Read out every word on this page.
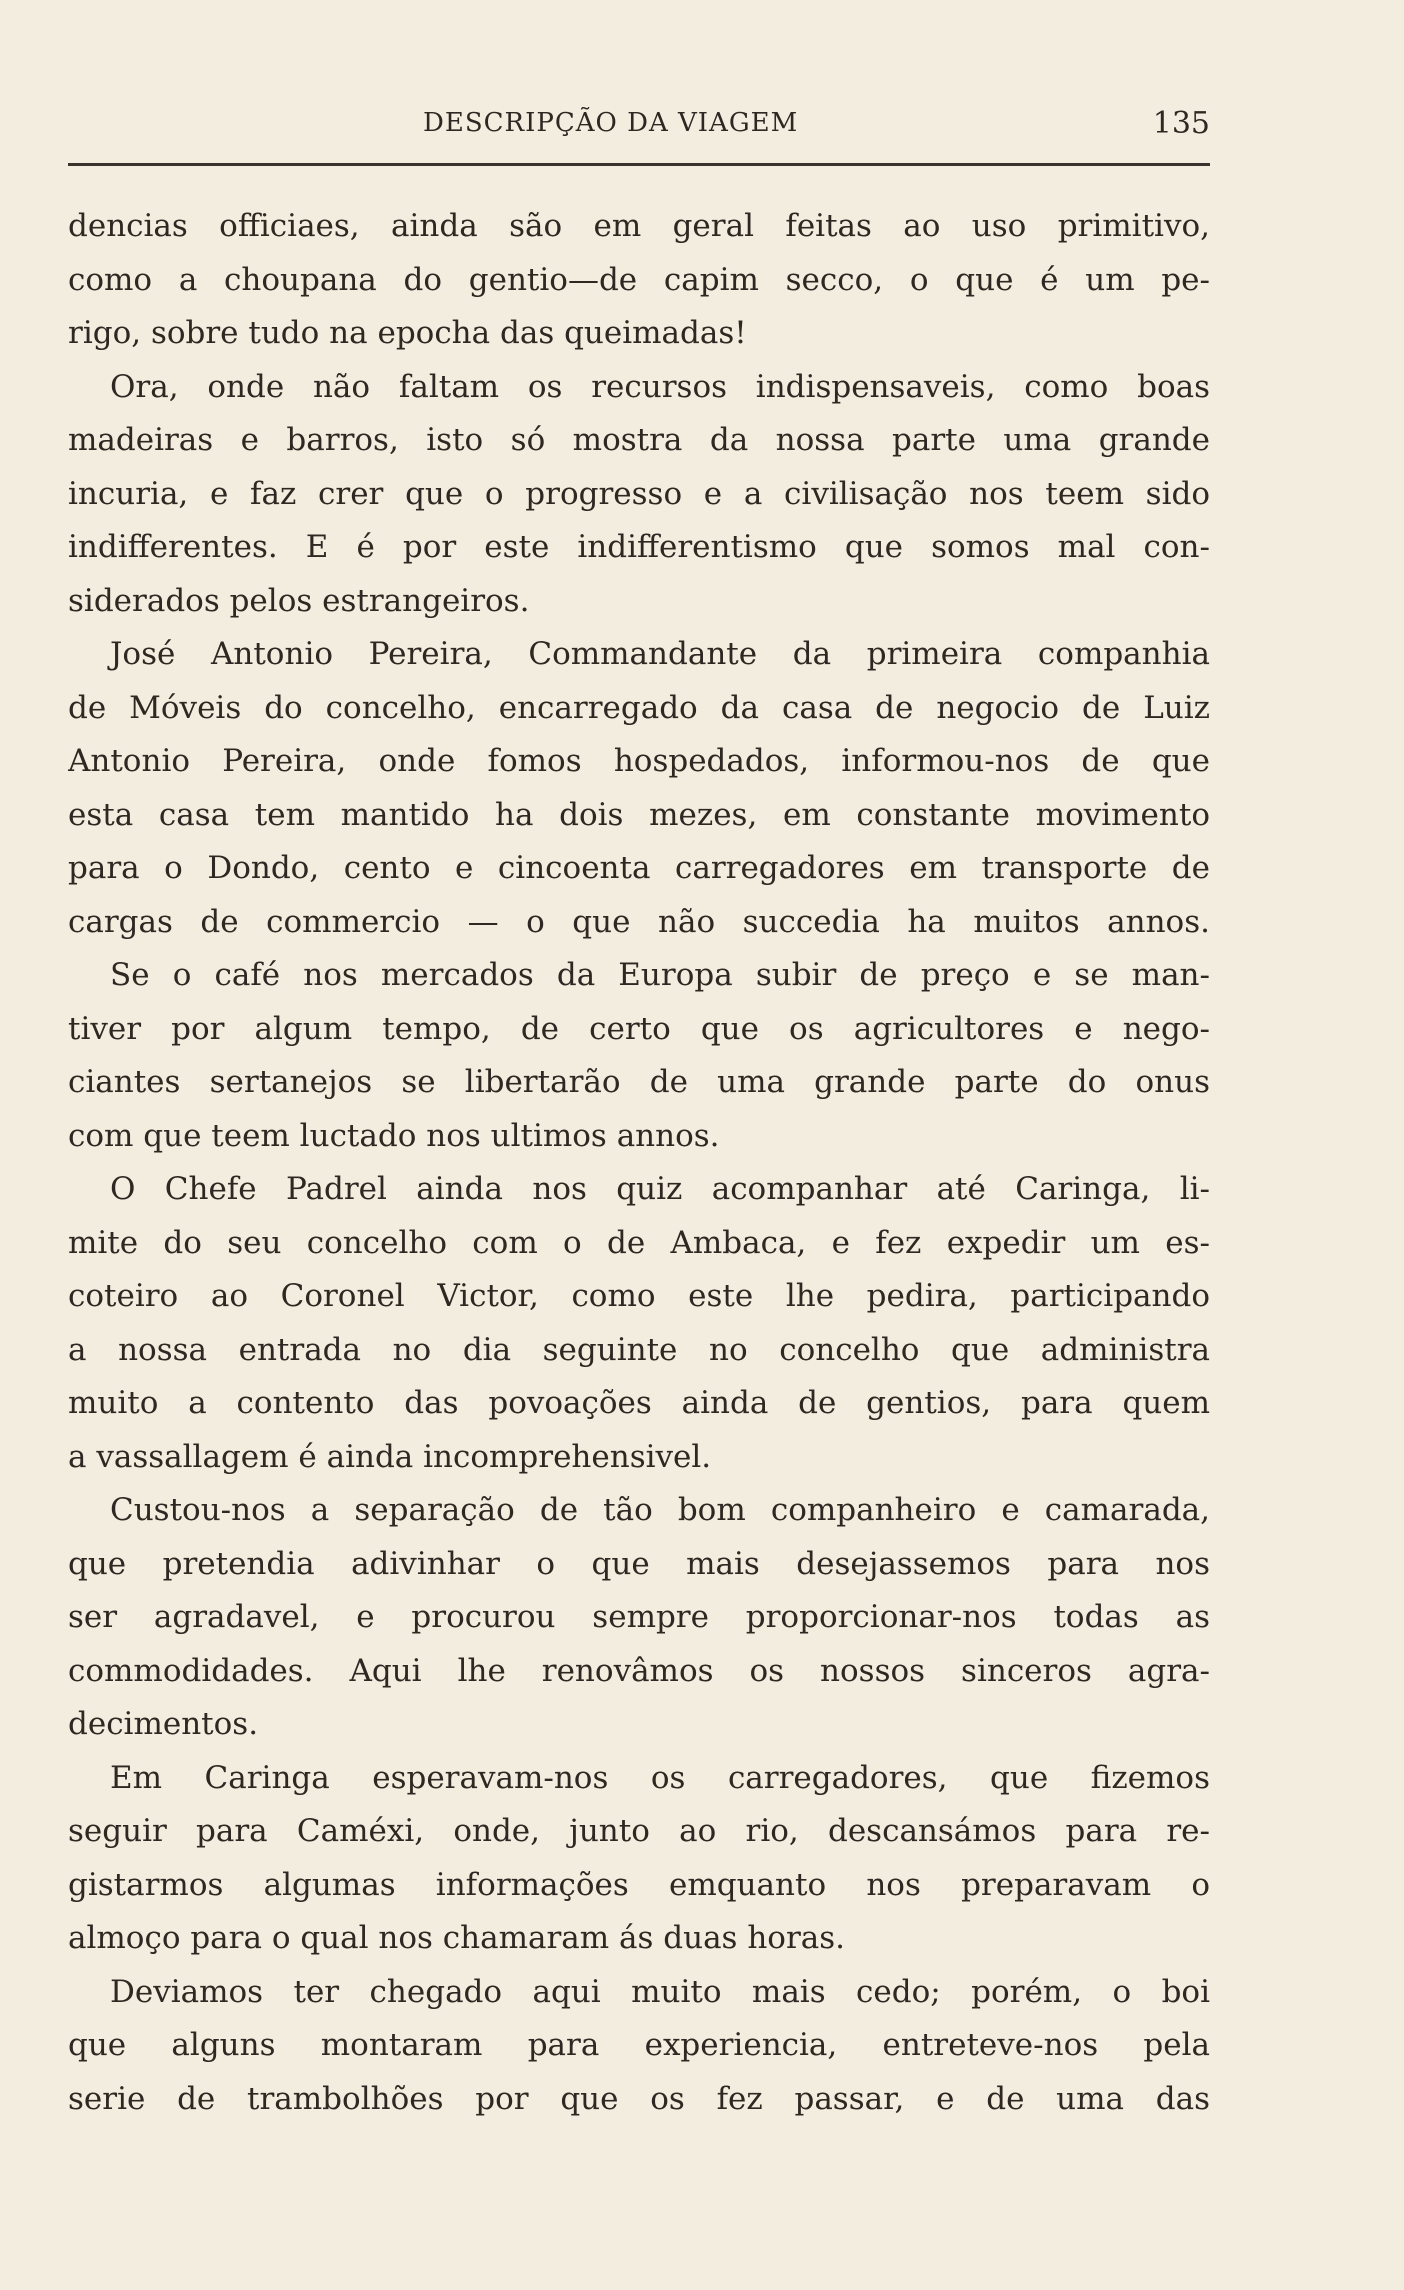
DESCRIPÇÃO DA VIAGEM	135
dencias officiaes, ainda são em geral feitas ao uso primitivo,
como a choupana do gentio—de capim secco, o que é um pe-
rigo, sobre tudo na epocha das queimadas!
Ora, onde não faltam os recursos indispensaveis, como boas
madeiras e barros, isto só mostra da nossa parte uma grande
incuria, e faz crer que o progresso e a civilisação nos teem sido
indifferentes. E é por este indifferentismo que somos mal con-
siderados pelos estrangeiros.
José Antonio Pereira, Commandante da primeira companhia
de Móveis do concelho, encarregado da casa de negocio de Luiz
Antonio Pereira, onde fomos hospedados, informou-nos de que
esta casa tem mantido ha dois mezes, em constante movimento
para o Dondo, cento e cincoenta carregadores em transporte de
cargas de commercio — o que não succedia ha muitos annos.
Se o café nos mercados da Europa subir de preço e se man-
tiver por algum tempo, de certo que os agricultores e nego-
ciantes sertanejos se libertarão de uma grande parte do onus
com que teem luctado nos ultimos annos.
O Chefe Padrel ainda nos quiz acompanhar até Caringa, li-
mite do seu concelho com o de Ambaca, e fez expedir um es-
coteiro ao Coronel Victor, como este lhe pedira, participando
a nossa entrada no dia seguinte no concelho que administra
muito a contento das povoações ainda de gentios, para quem
a vassallagem é ainda incomprehensivel.
Custou-nos a separação de tão bom companheiro e camarada,
que pretendia adivinhar o que mais desejassemos para nos
ser agradavel, e procurou sempre proporcionar-nos todas as
commodidades. Aqui lhe renovâmos os nossos sinceros agra-
decimentos.
Em Caringa esperavam-nos os carregadores, que fizemos
seguir para Caméxi, onde, junto ao rio, descansámos para re-
gistarmos algumas informações emquanto nos preparavam o
almoço para o qual nos chamaram ás duas horas.
Deviamos ter chegado aqui muito mais cedo; porém, o boi
que alguns montaram para experiencia, entreteve-nos pela
serie de trambolhões por que os fez passar, e de uma das
